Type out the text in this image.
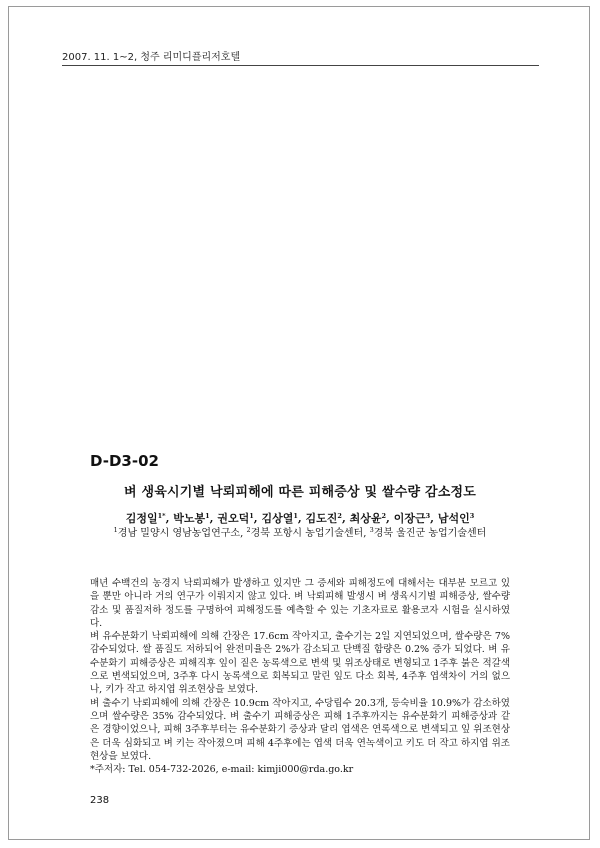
2007. 11. 1~2, 청주 리미디플리저호텔
D-D3-02
벼 생육시기별 낙뢰피해에 따른 피해증상 및 쌀수량 감소정도
김정일$^{1*}$, 박노봉$^1$, 권오덕$^1$, 김상열$^1$, 김도진$^2$, 최상윤$^2$, 이장근$^3$, 남석인$^3$
$^1$경남 밀양시 영남농업연구소, $^2$경북 포항시 농업기술센터, $^3$경북 울진군 농업기술센터

매년 수백건의 농경지 낙뢰피해가 발생하고 있지만 그 증세와 피해정도에 대해서는 대부분 모르고 있을 뿐만 아니라 거의 연구가 이뤄지지 않고 있다. 벼 낙뢰피해 발생시 벼 생육시기별 피해증상, 쌀수량 감소 및 품질저하 정도를 구명하여 피해정도를 예측할 수 있는 기초자료로 활용코자 시험을 실시하였다.

벼 유수분화기 낙뢰피해에 의해 간장은 17.6cm 작아지고, 출수기는 2일 지연되었으며, 쌀수량은 7% 감수되었다. 쌀 품질도 저하되어 완전미율은 2%가 감소되고 단백질 함량은 0.2% 증가 되었다. 벼 유수분화기 피해증상은 피해직후 잎이 짙은 농록색으로 변색 및 위조상태로 변형되고 1주후 붉은 적갈색으로 변색되었으며, 3주후 다시 농록색으로 회복되고 말린 잎도 다소 회복, 4주후 엽색차이 거의 없으나, 키가 작고 하지엽 위조현상을 보였다.

벼 출수기 낙뢰피해에 의해 간장은 10.9cm 작아지고, 수당립수 20.3개, 등숙비율 10.9%가 감소하였으며 쌀수량은 35% 감수되었다. 벼 출수기 피해증상은 피해 1주후까지는 유수분화기 피해증상과 같은 경향이었으나, 피해 3주후부터는 유수분화기 증상과 달리 엽색은 연록색으로 변색되고 잎 위조현상은 더욱 심화되고 벼 키는 작아졌으며 피해 4주후에는 엽색 더욱 연녹색이고 키도 더 작고 하지엽 위조현상을 보였다.

*주저자: Tel. 054-732-2026, e-mail: kimji000@rda.go.kr

238
